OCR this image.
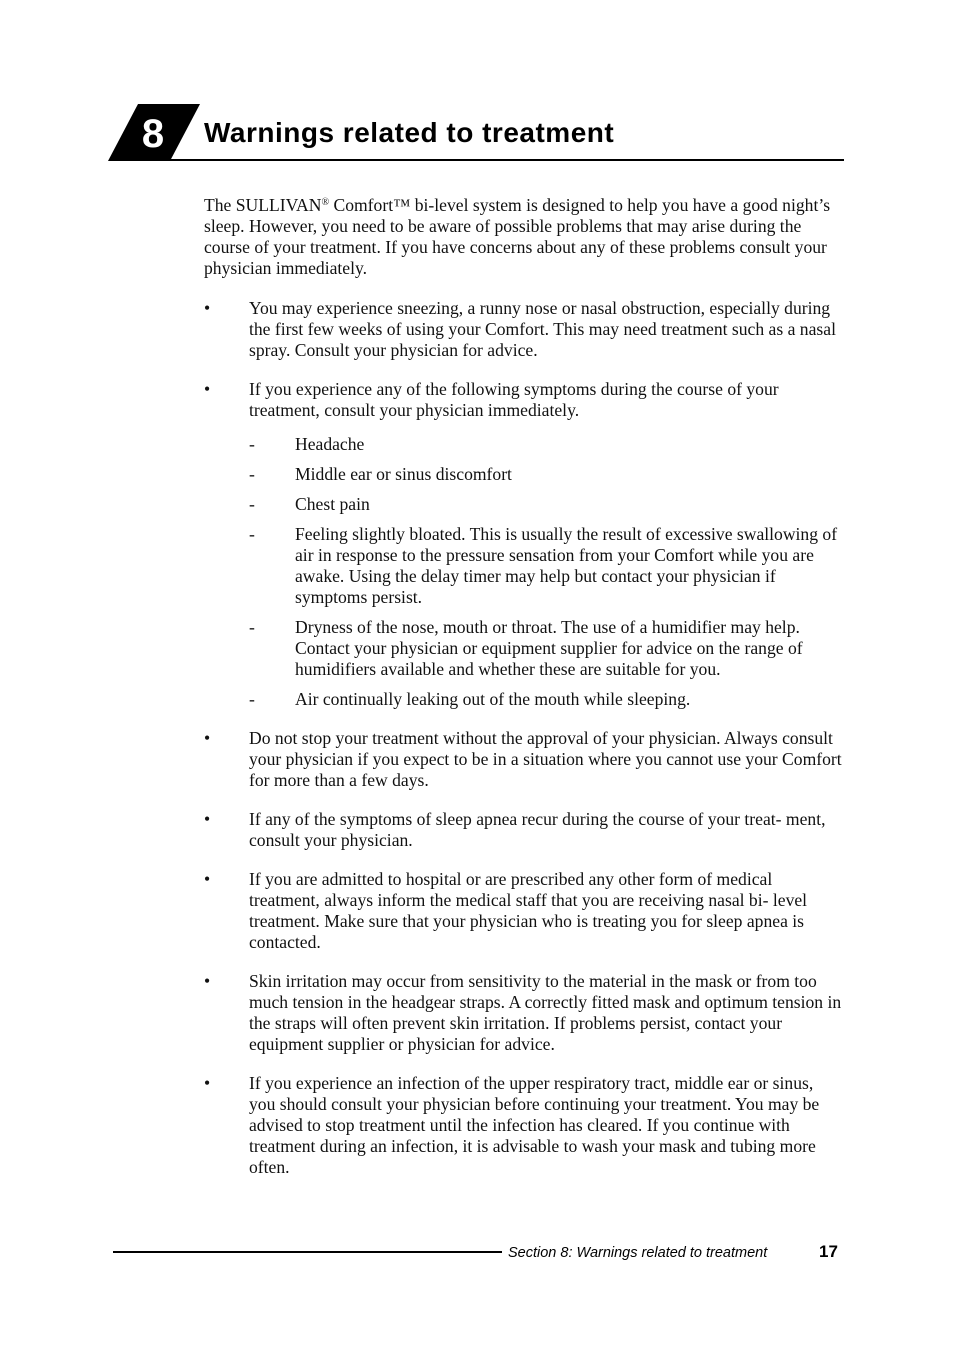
8 Warnings related to treatment

The SULLIVAN® Comfort™ bi-level system is designed to help you have a good night’s sleep. However, you need to be aware of possible problems that may arise during the course of your treatment. If you have concerns about any of these problems consult your physician immediately.

• You may experience sneezing, a runny nose or nasal obstruction, especially during the first few weeks of using your Comfort. This may need treatment such as a nasal spray. Consult your physician for advice.
• If you experience any of the following symptoms during the course of your treatment, consult your physician immediately.
- Headache
- Middle ear or sinus discomfort
- Chest pain
- Feeling slightly bloated. This is usually the result of excessive swallowing of air in response to the pressure sensation from your Comfort while you are awake. Using the delay timer may help but contact your physician if symptoms persist.
- Dryness of the nose, mouth or throat. The use of a humidifier may help. Contact your physician or equipment supplier for advice on the range of humidifiers available and whether these are suitable for you.
- Air continually leaking out of the mouth while sleeping.
• Do not stop your treatment without the approval of your physician. Always consult your physician if you expect to be in a situation where you cannot use your Comfort for more than a few days.
• If any of the symptoms of sleep apnea recur during the course of your treat- ment, consult your physician.
• If you are admitted to hospital or are prescribed any other form of medical treatment, always inform the medical staff that you are receiving nasal bi- level treatment. Make sure that your physician who is treating you for sleep apnea is contacted.
• Skin irritation may occur from sensitivity to the material in the mask or from too much tension in the headgear straps. A correctly fitted mask and optimum tension in the straps will often prevent skin irritation. If problems persist, contact your equipment supplier or physician for advice.
• If you experience an infection of the upper respiratory tract, middle ear or sinus, you should consult your physician before continuing your treatment. You may be advised to stop treatment until the infection has cleared. If you continue with treatment during an infection, it is advisable to wash your mask and tubing more often.
Section 8: Warnings related to treatment	17
